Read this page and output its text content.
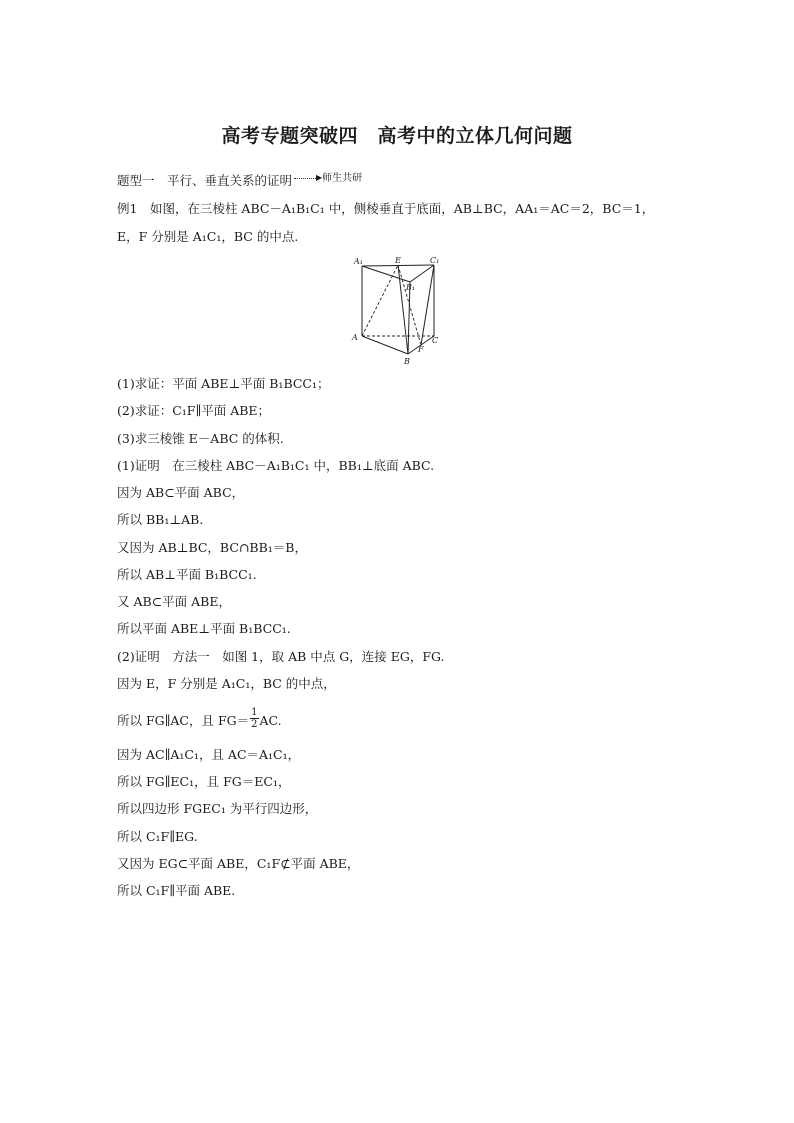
高考专题突破四　高考中的立体几何问题
题型一　平行、垂直关系的证明	$^{▶师生共研}$
例1　如图，在三棱柱 ABC－A₁B₁C₁ 中，侧棱垂直于底面，AB⊥BC，AA₁＝AC＝2，BC＝1，
E，F 分别是 A₁C₁，BC 的中点.
A₁	E	C₁
B₁
A	C
F
B
(1)求证：平面 ABE⊥平面 B₁BCC₁；
(2)求证：C₁F∥平面 ABE；
(3)求三棱锥 E－ABC 的体积.
(1)证明　在三棱柱 ABC－A₁B₁C₁ 中，BB₁⊥底面 ABC.
因为 AB⊂平面 ABC，
所以 BB₁⊥AB.
又因为 AB⊥BC，BC∩BB₁＝B，
所以 AB⊥平面 B₁BCC₁.
又 AB⊂平面 ABE，
所以平面 ABE⊥平面 B₁BCC₁.
(2)证明　方法一　如图 1，取 AB 中点 G，连接 EG，FG.
因为 E，F 分别是 A₁C₁，BC 的中点，
所以 FG∥AC，且 $FG= \frac{1}{2}$ AC.
因为 AC∥A₁C₁，且 AC＝A₁C₁，
所以 FG∥EC₁，且 FG＝EC₁，
所以四边形 FGEC₁ 为平行四边形，
所以 C₁F∥EG.
又因为 EG⊂平面 ABE，C₁F⊄平面 ABE，
所以 C₁F∥平面 ABE.
